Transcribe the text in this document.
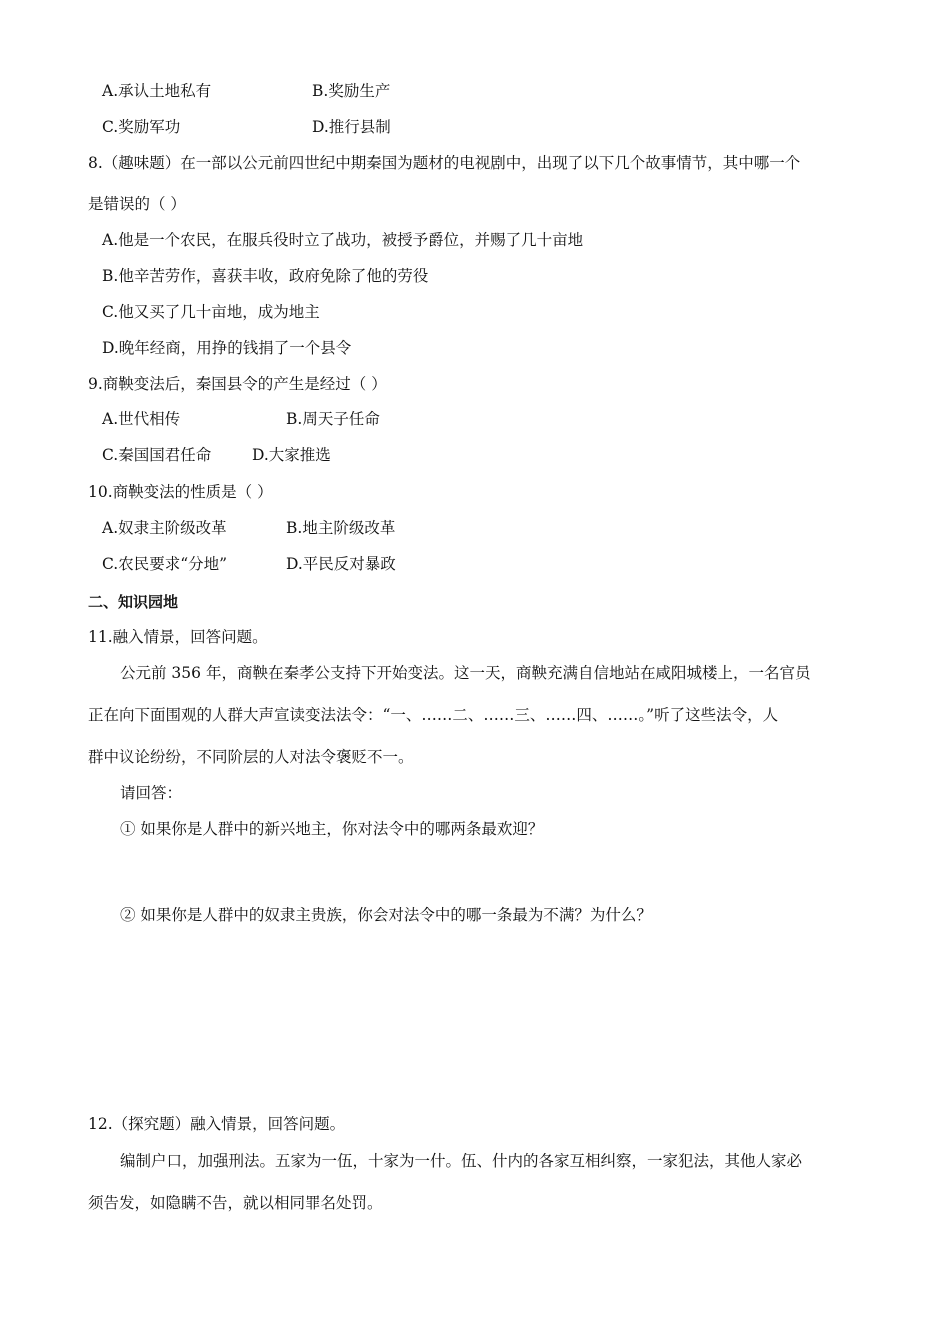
A.承认土地私有	B.奖励生产
C.奖励军功	D.推行县制
8.（趣味题）在一部以公元前四世纪中期秦国为题材的电视剧中，出现了以下几个故事情节，其中哪一个
是错误的（ ）
A.他是一个农民，在服兵役时立了战功，被授予爵位，并赐了几十亩地
B.他辛苦劳作，喜获丰收，政府免除了他的劳役
C.他又买了几十亩地，成为地主
D.晚年经商，用挣的钱捐了一个县令
9.商鞅变法后，秦国县令的产生是经过（ ）
A.世代相传	B.周天子任命
C.秦国国君任命	D.大家推选
10.商鞅变法的性质是（ ）
A.奴隶主阶级改革	B.地主阶级改革
C.农民要求“分地”	D.平民反对暴政
二、知识园地
11.融入情景，回答问题。
公元前 356 年，商鞅在秦孝公支持下开始变法。这一天，商鞅充满自信地站在咸阳城楼上，一名官员
正在向下面围观的人群大声宣读变法法令：“一、……二、……三、……四、……。”听了这些法令，人
群中议论纷纷，不同阶层的人对法令褒贬不一。
请回答：
① 如果你是人群中的新兴地主，你对法令中的哪两条最欢迎？
② 如果你是人群中的奴隶主贵族，你会对法令中的哪一条最为不满？为什么？
12.（探究题）融入情景，回答问题。
编制户口，加强刑法。五家为一伍，十家为一什。伍、什内的各家互相纠察，一家犯法，其他人家必
须告发，如隐瞒不告，就以相同罪名处罚。
